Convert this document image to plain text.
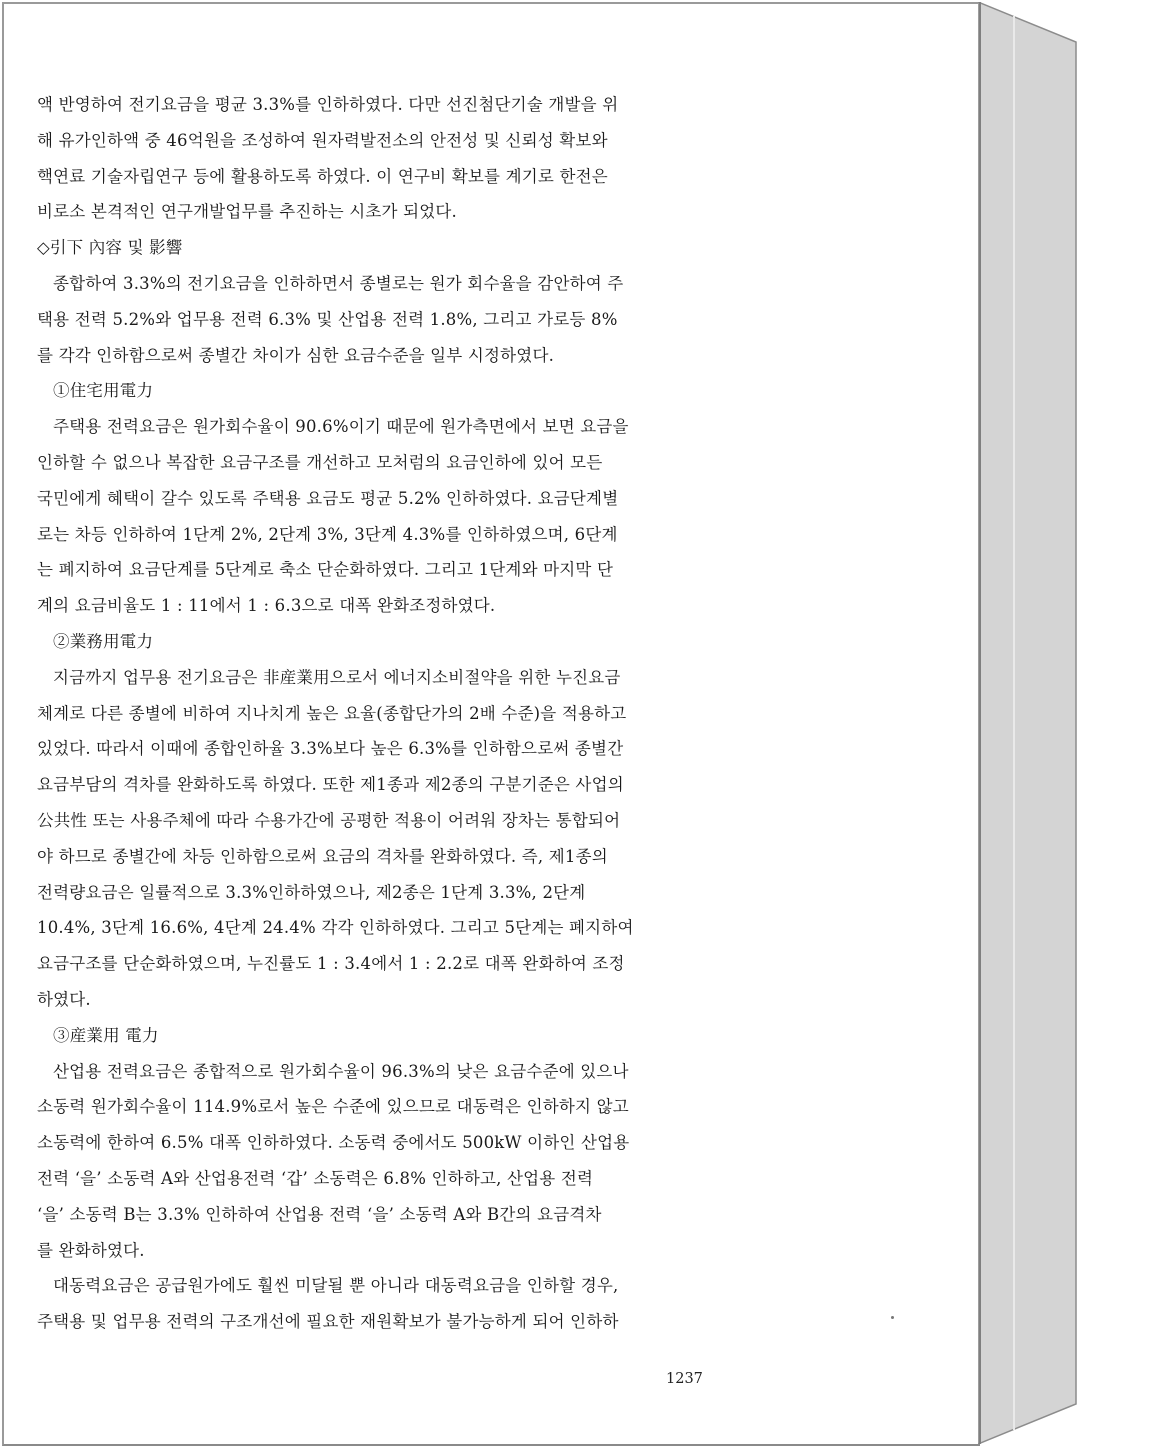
액 반영하여 전기요금을 평균 3.3%를 인하하였다. 다만 선진첨단기술 개발을 위
해 유가인하액 중 46억원을 조성하여 원자력발전소의 안전성 및 신뢰성 확보와
핵연료 기술자립연구 등에 활용하도록 하였다. 이 연구비 확보를 계기로 한전은
비로소 본격적인 연구개발업무를 추진하는 시초가 되었다.
◇引下 內容 및 影響
종합하여 3.3%의 전기요금을 인하하면서 종별로는 원가 회수율을 감안하여 주
택용 전력 5.2%와 업무용 전력 6.3% 및 산업용 전력 1.8%, 그리고 가로등 8%
를 각각 인하함으로써 종별간 차이가 심한 요금수준을 일부 시정하였다.
①住宅用電力
주택용 전력요금은 원가회수율이 90.6%이기 때문에 원가측면에서 보면 요금을
인하할 수 없으나 복잡한 요금구조를 개선하고 모처럼의 요금인하에 있어 모든
국민에게 혜택이 갈수 있도록 주택용 요금도 평균 5.2% 인하하였다. 요금단계별
로는 차등 인하하여 1단계 2%, 2단계 3%, 3단계 4.3%를 인하하였으며, 6단계
는 폐지하여 요금단계를 5단계로 축소 단순화하였다. 그리고 1단계와 마지막 단
계의 요금비율도 1 : 11에서 1 : 6.3으로 대폭 완화조정하였다.
②業務用電力
지금까지 업무용 전기요금은 非産業用으로서 에너지소비절약을 위한 누진요금
체계로 다른 종별에 비하여 지나치게 높은 요율(종합단가의 2배 수준)을 적용하고
있었다. 따라서 이때에 종합인하율 3.3%보다 높은 6.3%를 인하함으로써 종별간
요금부담의 격차를 완화하도록 하였다. 또한 제1종과 제2종의 구분기준은 사업의
公共性 또는 사용주체에 따라 수용가간에 공평한 적용이 어려워 장차는 통합되어
야 하므로 종별간에 차등 인하함으로써 요금의 격차를 완화하였다. 즉, 제1종의
전력량요금은 일률적으로 3.3%인하하였으나, 제2종은 1단계 3.3%, 2단계
10.4%, 3단계 16.6%, 4단계 24.4% 각각 인하하였다. 그리고 5단계는 폐지하여
요금구조를 단순화하였으며, 누진률도 1 : 3.4에서 1 : 2.2로 대폭 완화하여 조정
하였다.
③産業用 電力
산업용 전력요금은 종합적으로 원가회수율이 96.3%의 낮은 요금수준에 있으나
소동력 원가회수율이 114.9%로서 높은 수준에 있으므로 대동력은 인하하지 않고
소동력에 한하여 6.5% 대폭 인하하였다. 소동력 중에서도 500kW 이하인 산업용
전력 ‘을’ 소동력 A와 산업용전력 ‘갑’ 소동력은 6.8% 인하하고, 산업용 전력
‘을’ 소동력 B는 3.3% 인하하여 산업용 전력 ‘을’ 소동력 A와 B간의 요금격차
를 완화하였다.
대동력요금은 공급원가에도 훨씬 미달될 뿐 아니라 대동력요금을 인하할 경우,
주택용 및 업무용 전력의 구조개선에 필요한 재원확보가 불가능하게 되어 인하하
1237
